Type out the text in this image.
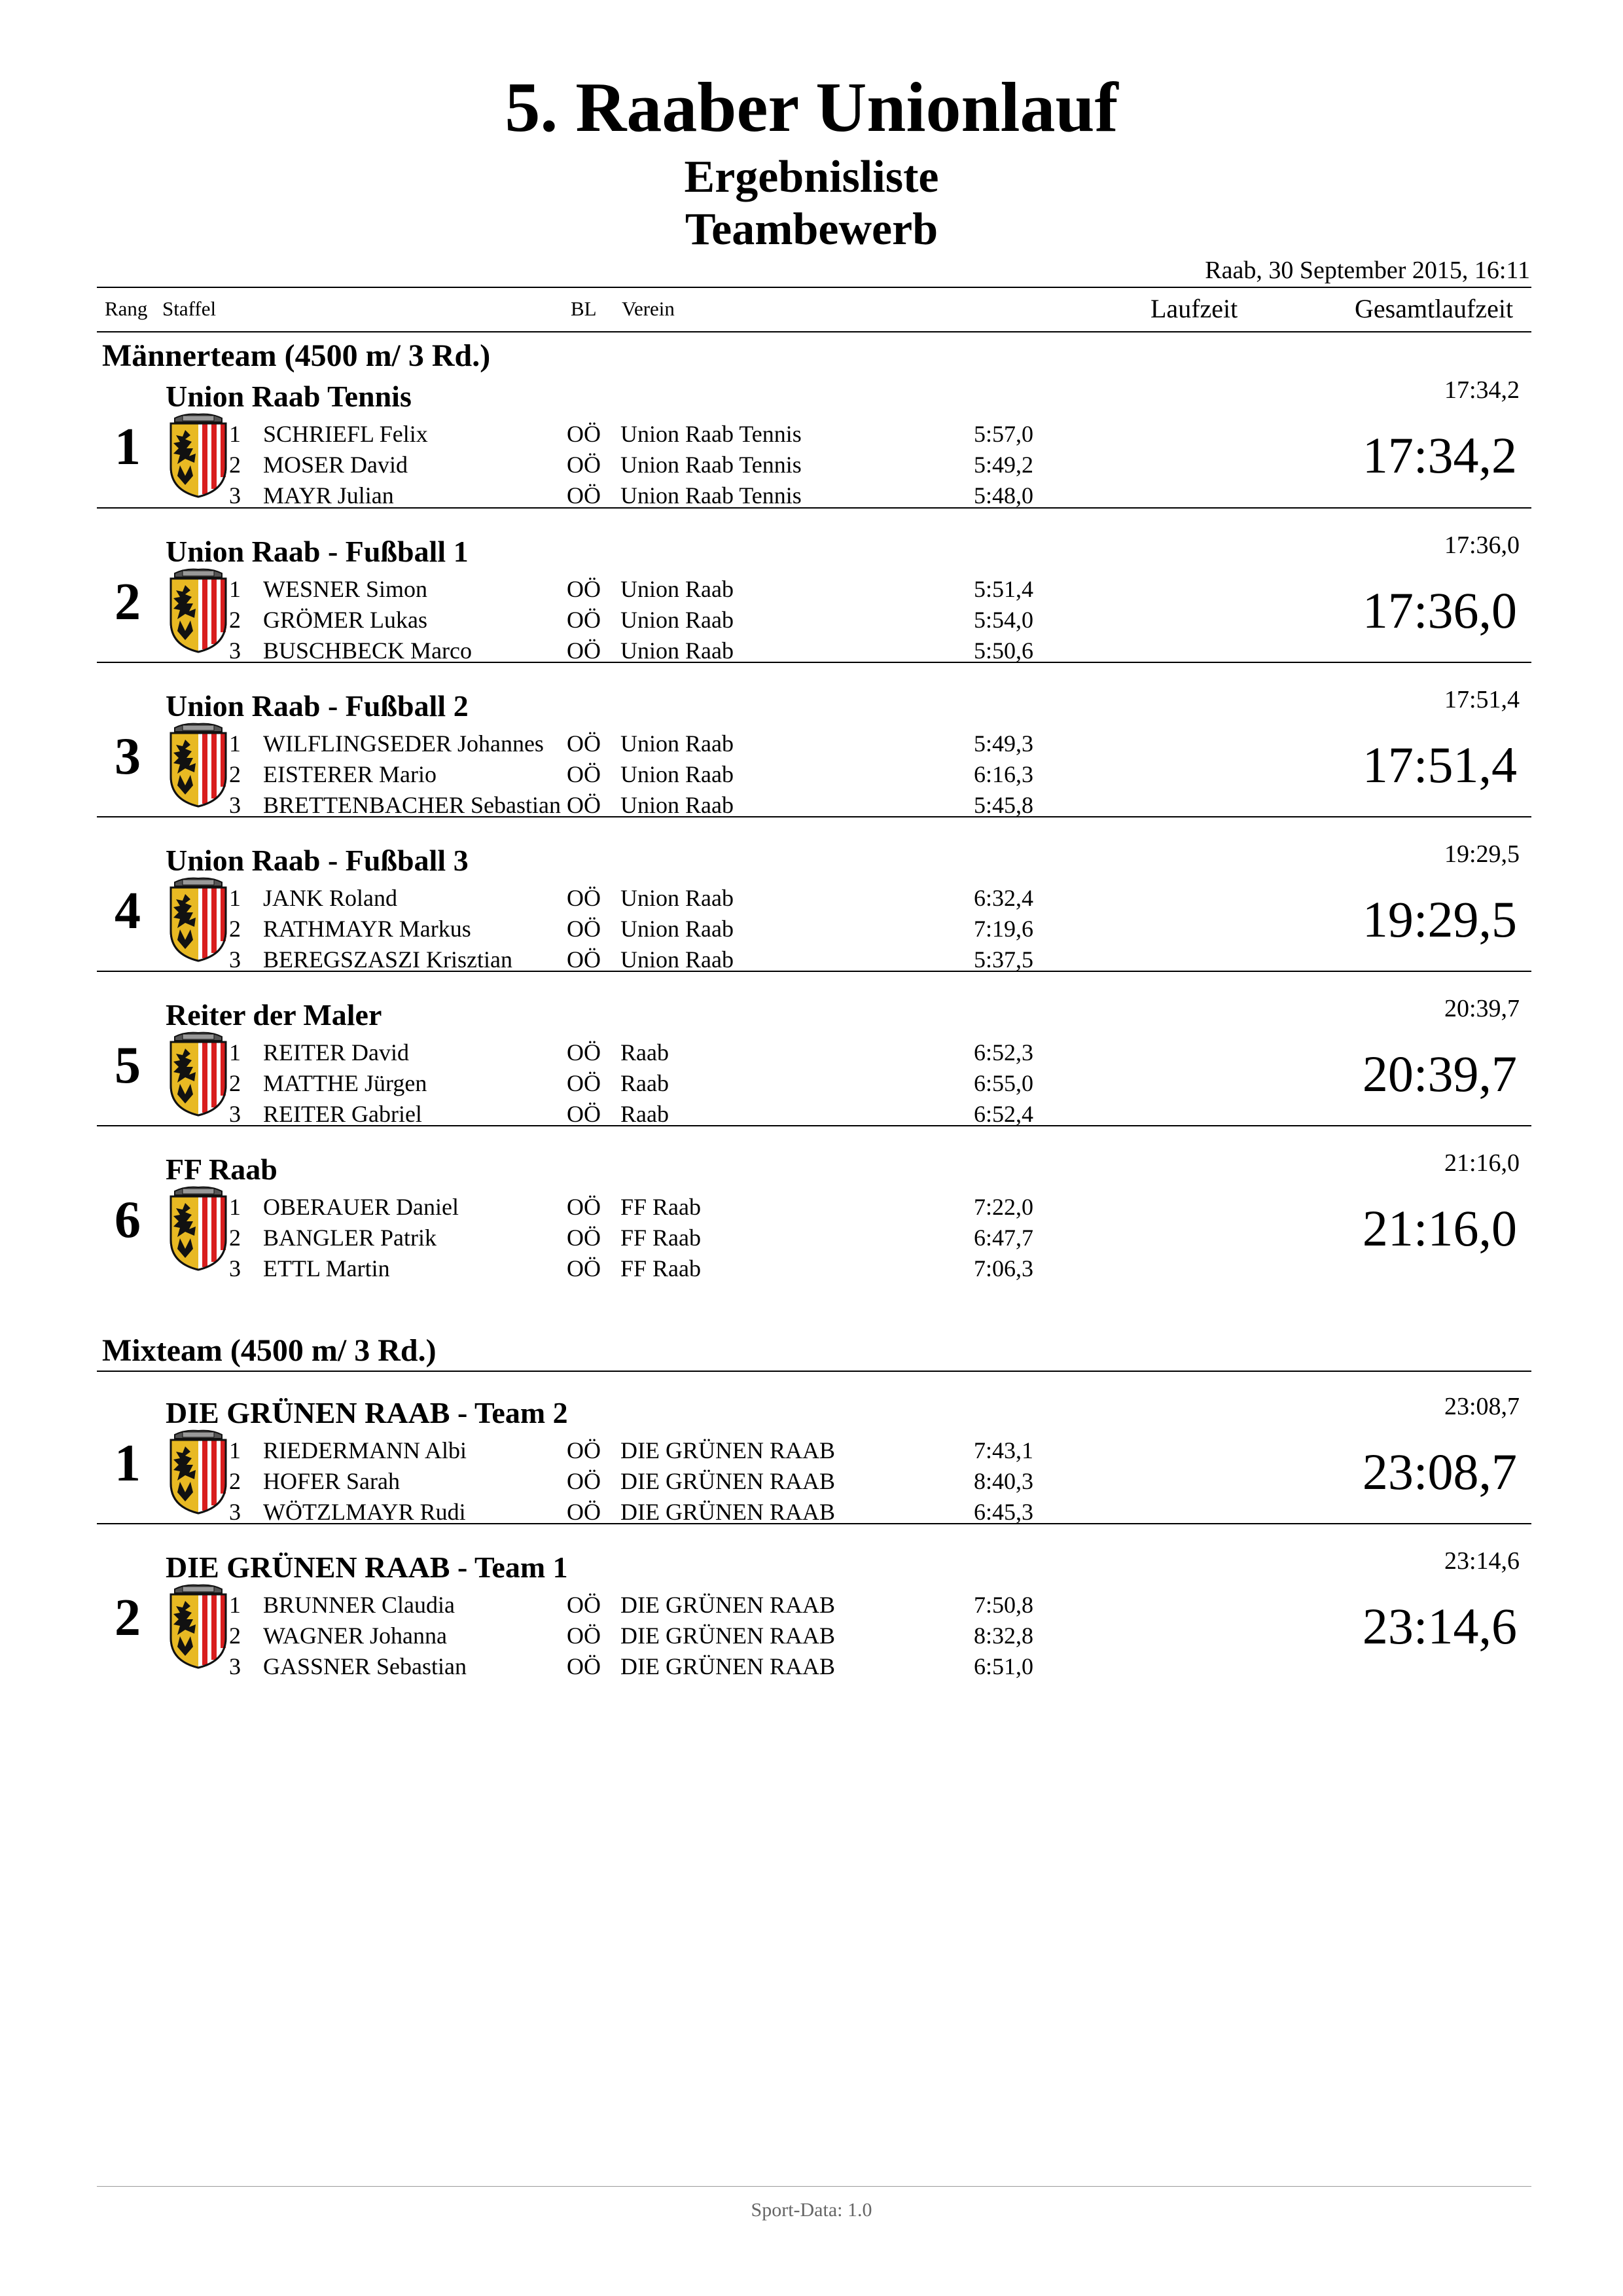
5. Raaber Unionlauf
Ergebnisliste
Teambewerb
Raab, 30 September 2015, 16:11
Rang Staffel	BL Verein	Laufzeit	Gesamtlaufzeit
Männerteam (4500 m/ 3 Rd.)
Union Raab Tennis	17:34,2
1	17:34,2
1 SCHRIEFL Felix	OÖ Union Raab Tennis	5:57,0
2 MOSER David	OÖ Union Raab Tennis	5:49,2
3 MAYR Julian	OÖ Union Raab Tennis	5:48,0
Union Raab - Fußball 1	17:36,0
2	17:36,0
1 WESNER Simon	OÖ Union Raab	5:51,4
2 GRÖMER Lukas	OÖ Union Raab	5:54,0
3 BUSCHBECK Marco	OÖ Union Raab	5:50,6
Union Raab - Fußball 2	17:51,4
3	17:51,4
1 WILFLINGSEDER Johannes OÖ Union Raab	5:49,3
2 EISTERER Mario	OÖ Union Raab	6:16,3
3 BRETTENBACHER Sebastian OÖ Union Raab	5:45,8
Union Raab - Fußball 3	19:29,5
4	19:29,5
1 JANK Roland	OÖ Union Raab	6:32,4
2 RATHMAYR Markus	OÖ Union Raab	7:19,6
3 BEREGSZASZI Krisztian OÖ Union Raab	5:37,5
Reiter der Maler	20:39,7
5	20:39,7
1 REITER David	OÖ Raab	6:52,3
2 MATTHE Jürgen	OÖ Raab	6:55,0
3 REITER Gabriel	OÖ Raab	6:52,4
FF Raab	21:16,0
6	21:16,0
1 OBERAUER Daniel	OÖ FF Raab	7:22,0
2 BANGLER Patrik	OÖ FF Raab	6:47,7
3 ETTL Martin	OÖ FF Raab	7:06,3
Mixteam (4500 m/ 3 Rd.)
DIE GRÜNEN RAAB - Team 2	23:08,7
1	23:08,7
1 RIEDERMANN Albi	OÖ DIE GRÜNEN RAAB	7:43,1
2 HOFER Sarah	OÖ DIE GRÜNEN RAAB	8:40,3
3 WÖTZLMAYR Rudi	OÖ DIE GRÜNEN RAAB	6:45,3
DIE GRÜNEN RAAB - Team 1	23:14,6
2	23:14,6
1 BRUNNER Claudia	OÖ DIE GRÜNEN RAAB	7:50,8
2 WAGNER Johanna	OÖ DIE GRÜNEN RAAB	8:32,8
3 GASSNER Sebastian	OÖ DIE GRÜNEN RAAB	6:51,0
Sport-Data: 1.0
